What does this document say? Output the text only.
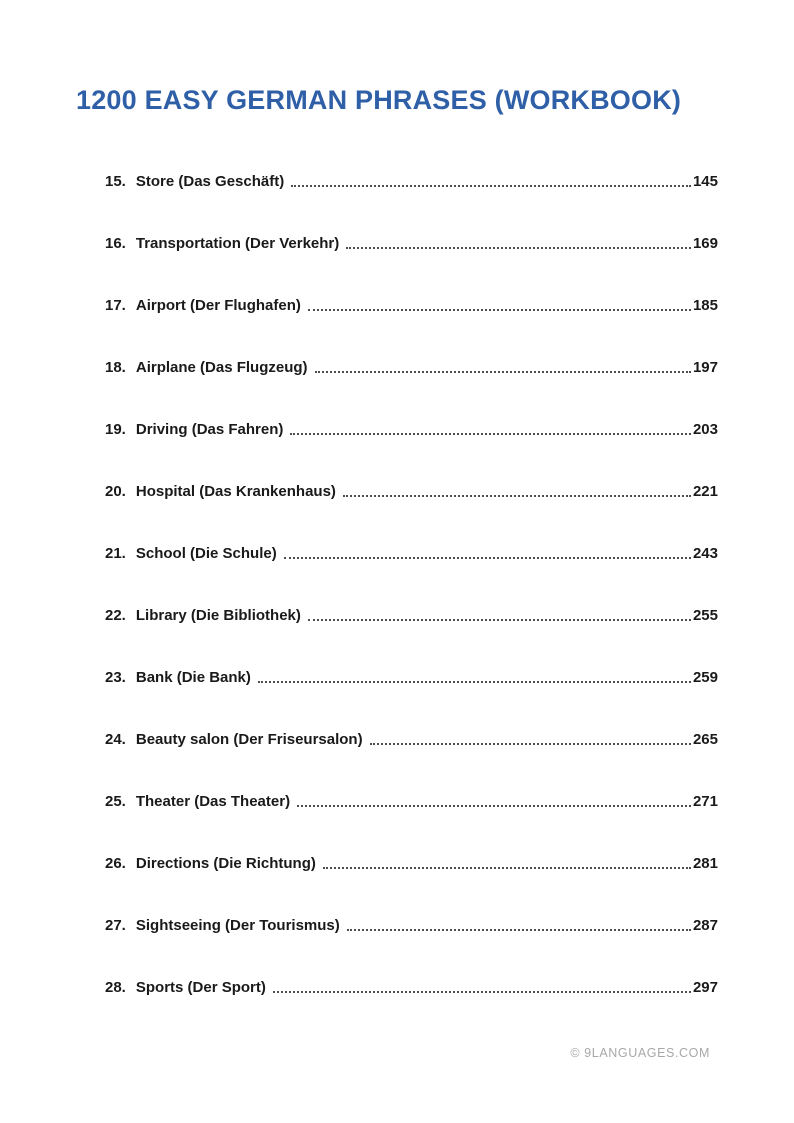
1200 EASY GERMAN PHRASES (WORKBOOK)
15. Store (Das Geschäft)	145
16. Transportation (Der Verkehr)	169
17. Airport (Der Flughafen)	185
18. Airplane (Das Flugzeug)	197
19. Driving (Das Fahren)	203
20. Hospital (Das Krankenhaus)	221
21. School (Die Schule)	243
22. Library (Die Bibliothek)	255
23. Bank (Die Bank)	259
24. Beauty salon (Der Friseursalon)	265
25. Theater (Das Theater)	271
26. Directions (Die Richtung)	281
27. Sightseeing (Der Tourismus)	287
28. Sports (Der Sport)	297
© 9LANGUAGES.COM
